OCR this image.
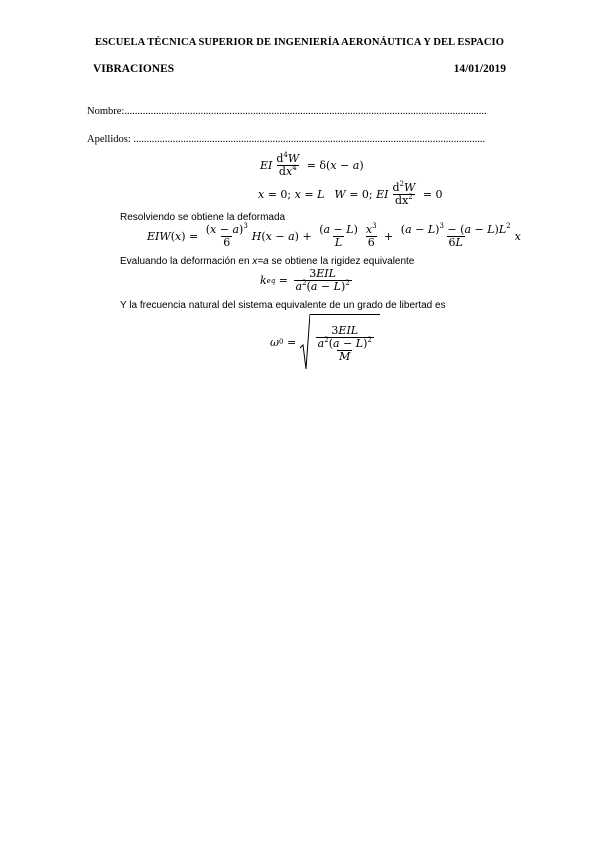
ESCUELA TÉCNICA SUPERIOR DE INGENIERÍA AERONÁUTICA Y DEL ESPACIO
VIBRACIONES	14/01/2019
Nombre:..........................................................................................................................................
Apellidos: ......................................................................................................................................
EI $\frac{d^4W}{dx^4} = \delta$( x − a )
x = 0; x = L W = 0; EI $\frac{d^2W}{dx^2} = 0$
Resolviendo se obtiene la deformada
EIW ( x ) = $\frac{(x - a)^3}{6}$ H ( x − a ) + $\frac{(a - L)}{L} \frac{x^3}{6} + \frac{(a - L)^3 - (a - L)L^2}{6L}$ x
Evaluando la deformación en x=a se obtiene la rigidez equivalente
k eq = $\frac{\text{3EIL}}{a^2(a - L)^2}$
Y la frecuencia natural del sistema equivalente de un grado de libertad es
ω $0 = \frac{\frac{\text{3EIL}}{a^2(a - L)^2}}{M}$
